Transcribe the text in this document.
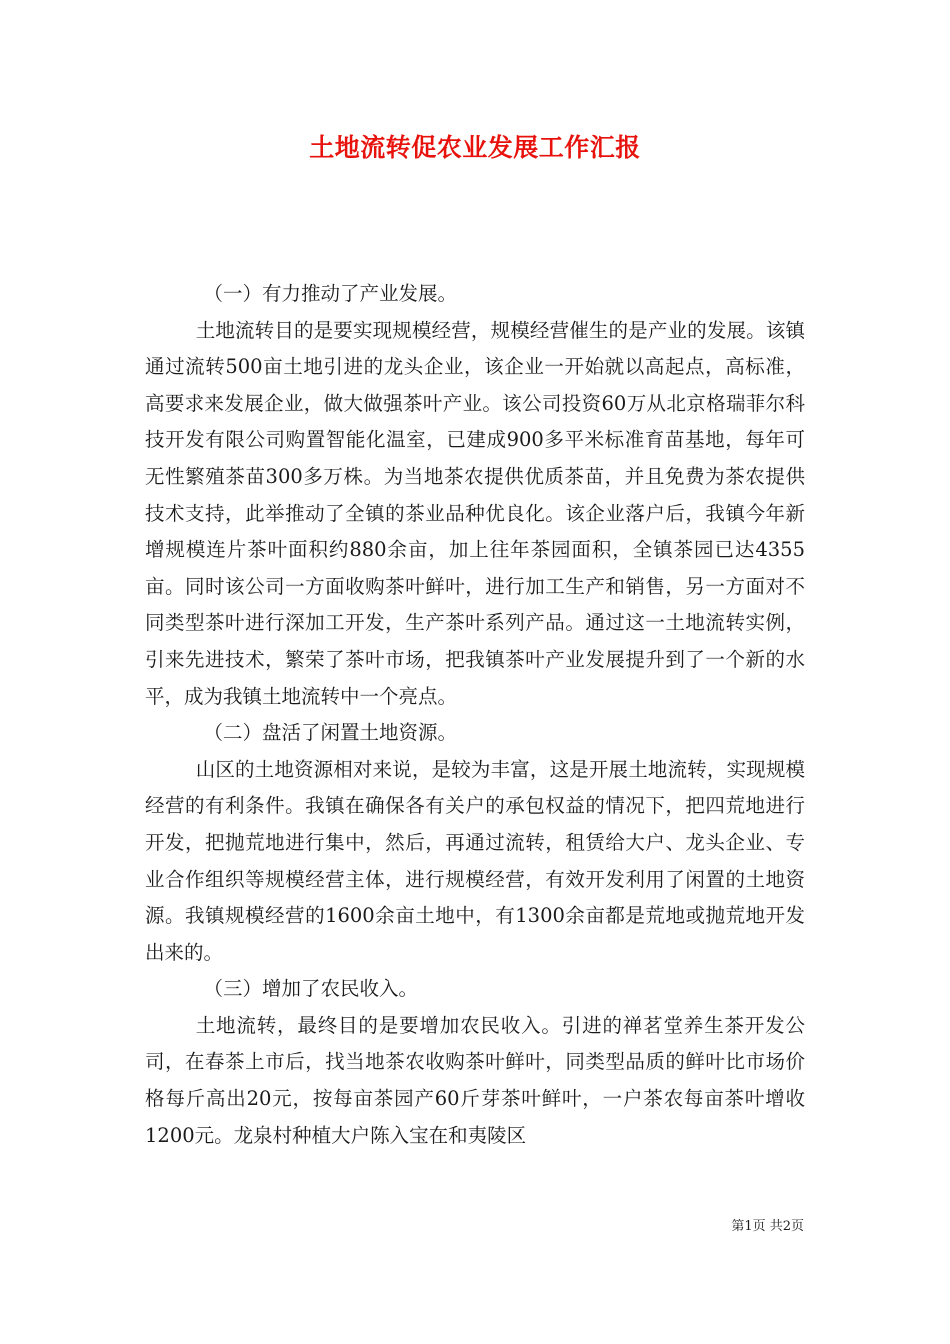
土地流转促农业发展工作汇报

（一）有力推动了产业发展。

土地流转目的是要实现规模经营，规模经营催生的是产业的发展。该镇通过流转500亩土地引进的龙头企业，该企业一开始就以高起点，高标准，高要求来发展企业，做大做强茶叶产业。该公司投资60万从北京格瑞菲尔科技开发有限公司购置智能化温室，已建成900多平米标准育苗基地，每年可无性繁殖茶苗300多万株。为当地茶农提供优质茶苗，并且免费为茶农提供技术支持，此举推动了全镇的茶业品种优良化。该企业落户后，我镇今年新增规模连片茶叶面积约880余亩，加上往年茶园面积，全镇茶园已达4355亩。同时该公司一方面收购茶叶鲜叶，进行加工生产和销售，另一方面对不同类型茶叶进行深加工开发，生产茶叶系列产品。通过这一土地流转实例，引来先进技术，繁荣了茶叶市场，把我镇茶叶产业发展提升到了一个新的水平，成为我镇土地流转中一个亮点。

（二）盘活了闲置土地资源。

山区的土地资源相对来说，是较为丰富，这是开展土地流转，实现规模经营的有利条件。我镇在确保各有关户的承包权益的情况下，把四荒地进行开发，把抛荒地进行集中，然后，再通过流转，租赁给大户、龙头企业、专业合作组织等规模经营主体，进行规模经营，有效开发利用了闲置的土地资源。我镇规模经营的1600余亩土地中，有1300余亩都是荒地或抛荒地开发出来的。

（三）增加了农民收入。

土地流转，最终目的是要增加农民收入。引进的禅茗堂养生茶开发公司，在春茶上市后，找当地茶农收购茶叶鲜叶，同类型品质的鲜叶比市场价格每斤高出20元，按每亩茶园产60斤芽茶叶鲜叶，一户茶农每亩茶叶增收1200元。龙泉村种植大户陈入宝在和夷陵区

第1页 共2页
